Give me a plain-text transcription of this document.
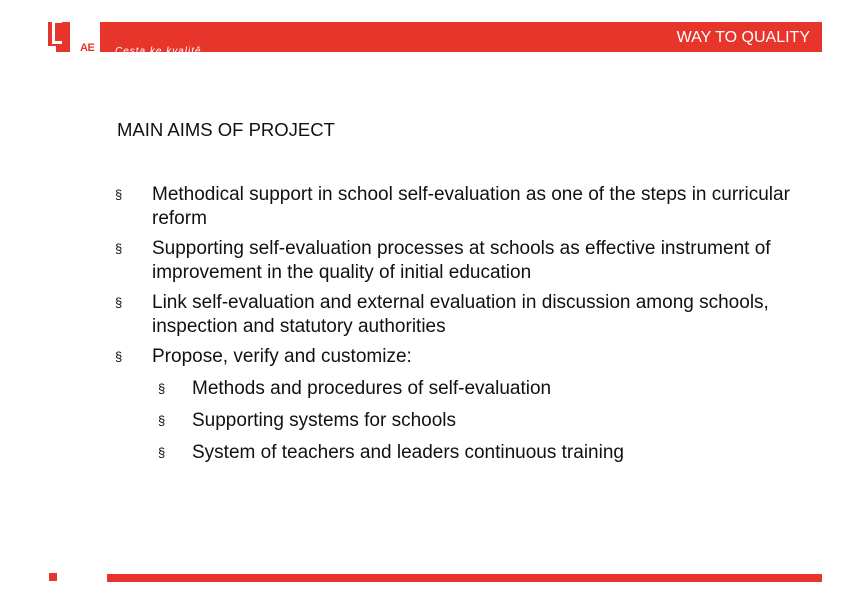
AE
WAY TO QUALITY
Cesta ke kvalitě
MAIN AIMS OF PROJECT
§ Methodical support in school self-evaluation as one of the steps in curricular reform
§ Supporting self-evaluation processes at schools as effective instrument of improvement in the quality of initial education
§ Link self-evaluation and external evaluation in discussion among schools, inspection and statutory authorities
§ Propose, verify and customize:
§ Methods and procedures of self-evaluation
§ Supporting systems for schools
§ System of teachers and leaders continuous training
